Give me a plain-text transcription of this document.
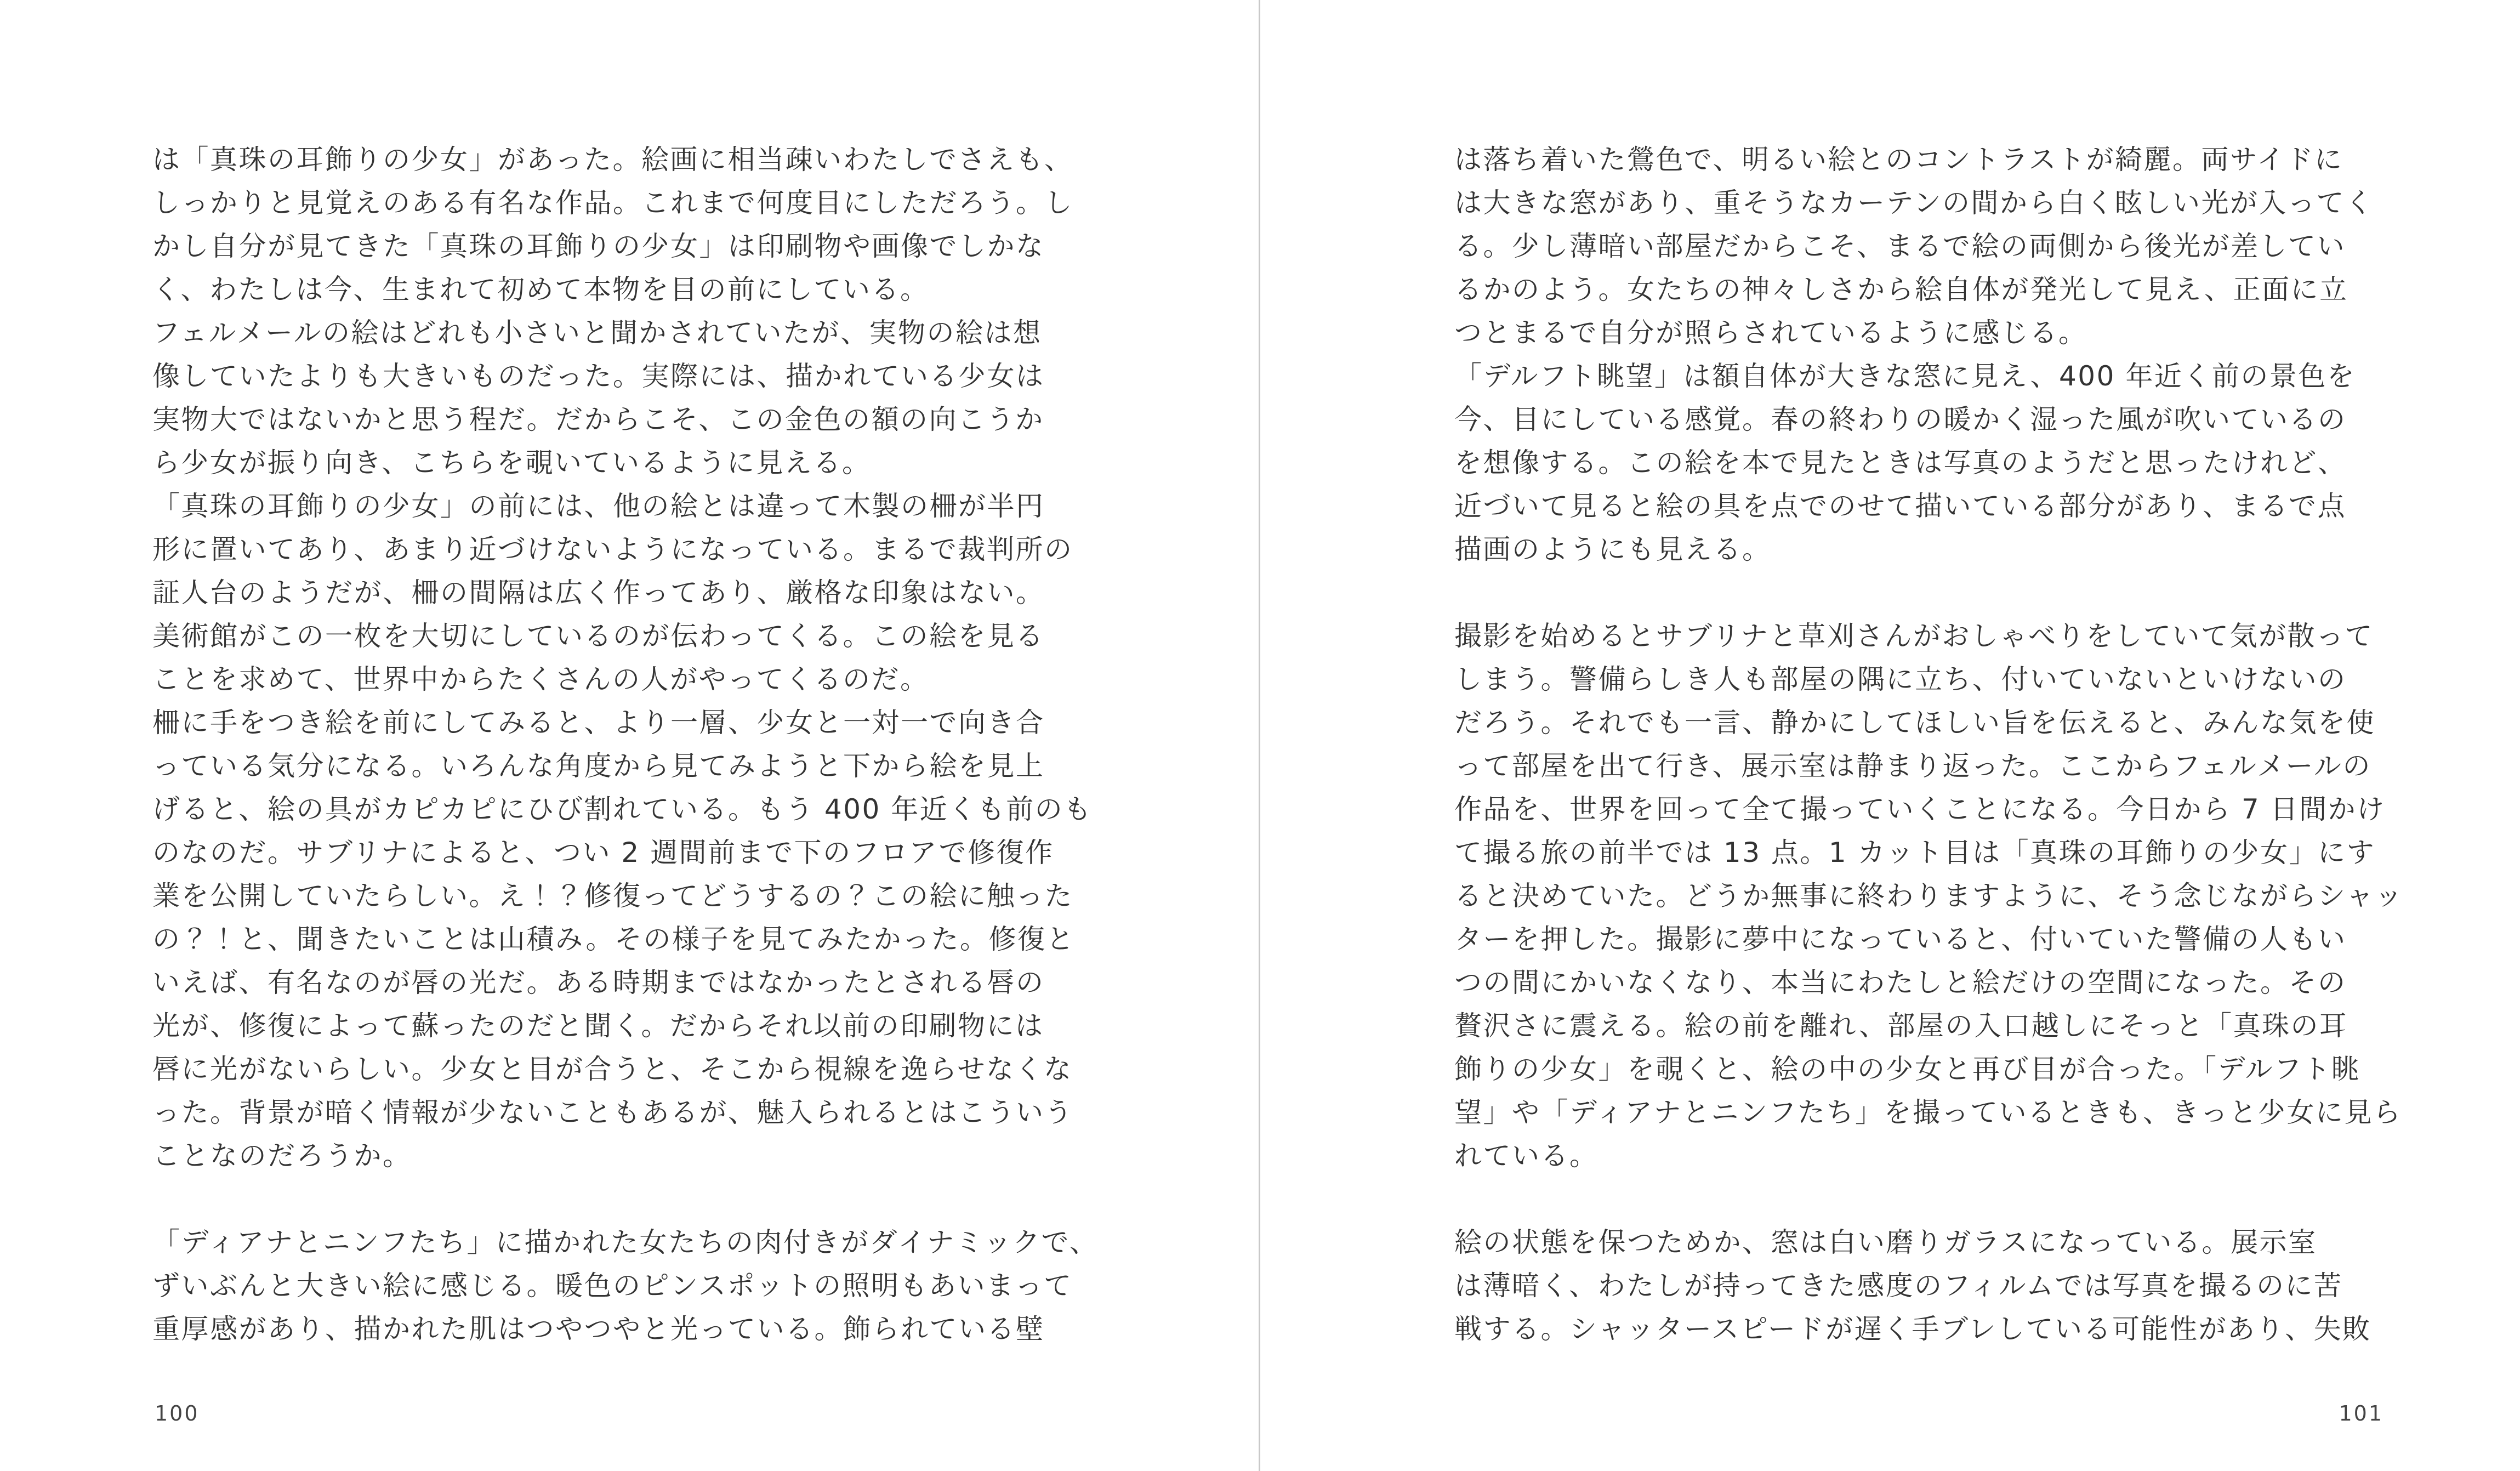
は「真珠の耳飾りの少女」があった。絵画に相当疎いわたしでさえも、
しっかりと見覚えのある有名な作品。これまで何度目にしただろう。し
かし自分が見てきた「真珠の耳飾りの少女」は印刷物や画像でしかな
く、わたしは今、生まれて初めて本物を目の前にしている。
フェルメールの絵はどれも小さいと聞かされていたが、実物の絵は想
像していたよりも大きいものだった。実際には、描かれている少女は
実物大ではないかと思う程だ。だからこそ、この金色の額の向こうか
ら少女が振り向き、こちらを覗いているように見える。
「真珠の耳飾りの少女」の前には、他の絵とは違って木製の柵が半円
形に置いてあり、あまり近づけないようになっている。まるで裁判所の
証人台のようだが、柵の間隔は広く作ってあり、厳格な印象はない。
美術館がこの一枚を大切にしているのが伝わってくる。この絵を見る
ことを求めて、世界中からたくさんの人がやってくるのだ。
柵に手をつき絵を前にしてみると、より一層、少女と一対一で向き合
っている気分になる。いろんな角度から見てみようと下から絵を見上
げると、絵の具がカピカピにひび割れている。もう 400 年近くも前のも
のなのだ。サブリナによると、つい 2 週間前まで下のフロアで修復作
業を公開していたらしい。え！？修復ってどうするの？この絵に触った
の？！と、聞きたいことは山積み。その様子を見てみたかった。修復と
いえば、有名なのが唇の光だ。ある時期まではなかったとされる唇の
光が、修復によって蘇ったのだと聞く。だからそれ以前の印刷物には
唇に光がないらしい。少女と目が合うと、そこから視線を逸らせなくな
った。背景が暗く情報が少ないこともあるが、魅入られるとはこういう
ことなのだろうか。

「ディアナとニンフたち」に描かれた女たちの肉付きがダイナミックで、
ずいぶんと大きい絵に感じる。暖色のピンスポットの照明もあいまって
重厚感があり、描かれた肌はつやつやと光っている。飾られている壁
100
は落ち着いた鶯色で、明るい絵とのコントラストが綺麗。両サイドに
は大きな窓があり、重そうなカーテンの間から白く眩しい光が入ってく
る。少し薄暗い部屋だからこそ、まるで絵の両側から後光が差してい
るかのよう。女たちの神々しさから絵自体が発光して見え、正面に立
つとまるで自分が照らされているように感じる。
「デルフト眺望」は額自体が大きな窓に見え、400 年近く前の景色を
今、目にしている感覚。春の終わりの暖かく湿った風が吹いているの
を想像する。この絵を本で見たときは写真のようだと思ったけれど、
近づいて見ると絵の具を点でのせて描いている部分があり、まるで点
描画のようにも見える。

撮影を始めるとサブリナと草刈さんがおしゃべりをしていて気が散って
しまう。警備らしき人も部屋の隅に立ち、付いていないといけないの
だろう。それでも一言、静かにしてほしい旨を伝えると、みんな気を使
って部屋を出て行き、展示室は静まり返った。ここからフェルメールの
作品を、世界を回って全て撮っていくことになる。今日から 7 日間かけ
て撮る旅の前半では 13 点。1 カット目は「真珠の耳飾りの少女」にす
ると決めていた。どうか無事に終わりますように、そう念じながらシャッ
ターを押した。撮影に夢中になっていると、付いていた警備の人もい
つの間にかいなくなり、本当にわたしと絵だけの空間になった。その
贅沢さに震える。絵の前を離れ、部屋の入口越しにそっと「真珠の耳
飾りの少女」を覗くと、絵の中の少女と再び目が合った。「デルフト眺
望」や「ディアナとニンフたち」を撮っているときも、きっと少女に見ら
れている。

絵の状態を保つためか、窓は白い磨りガラスになっている。展示室
は薄暗く、わたしが持ってきた感度のフィルムでは写真を撮るのに苦
戦する。シャッタースピードが遅く手ブレしている可能性があり、失敗
101
